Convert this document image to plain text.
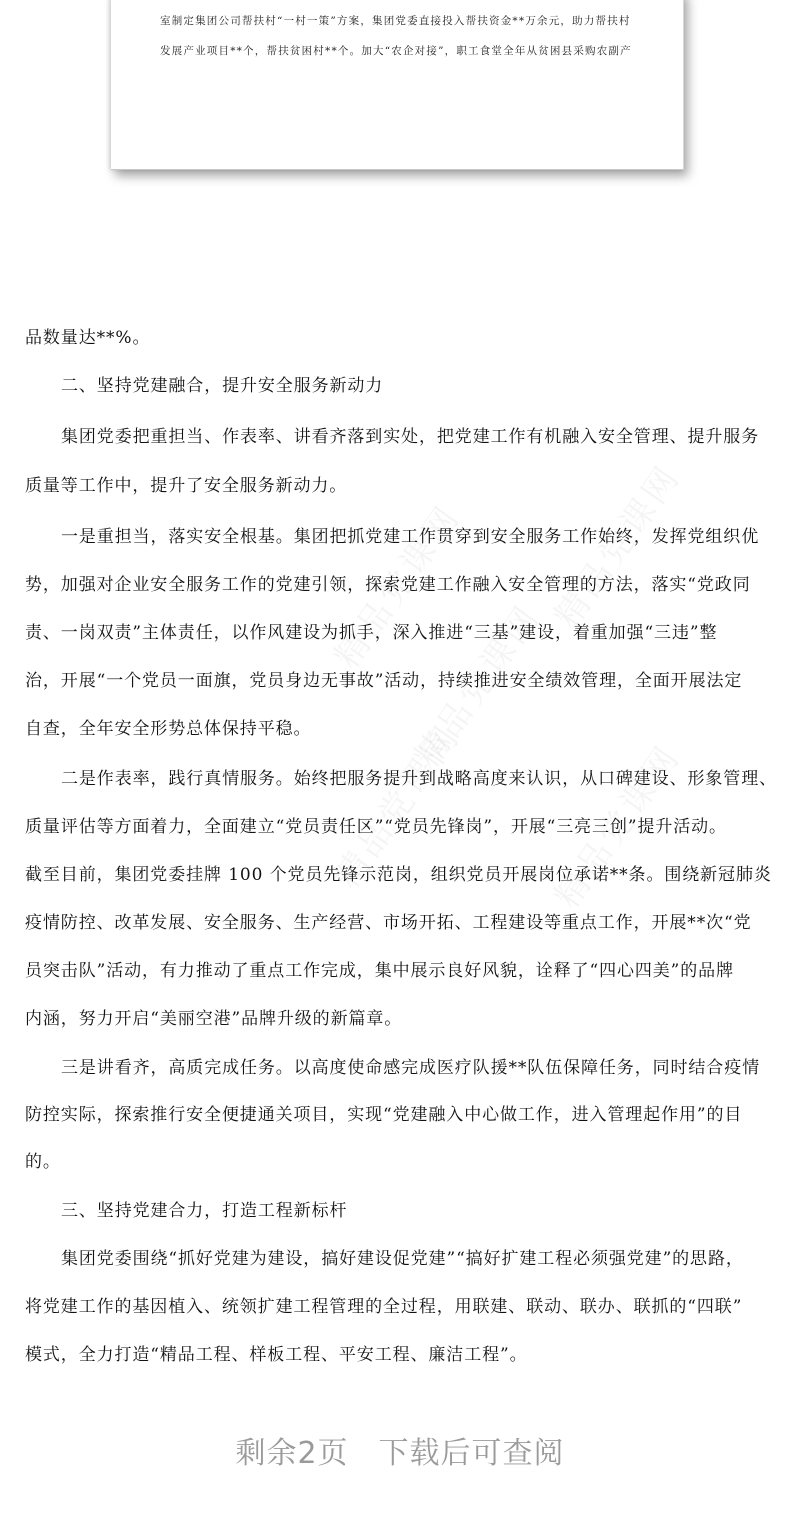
室制定集团公司帮扶村“一村一策”方案，集团党委直接投入帮扶资金**万余元，助力帮扶村
发展产业项目**个，帮扶贫困村**个。加大“农企对接”，职工食堂全年从贫困县采购农副产
品数量达**%。
二、坚持党建融合，提升安全服务新动力
集团党委把重担当、作表率、讲看齐落到实处，把党建工作有机融入安全管理、提升服务
质量等工作中，提升了安全服务新动力。
一是重担当，落实安全根基。集团把抓党建工作贯穿到安全服务工作始终，发挥党组织优
势，加强对企业安全服务工作的党建引领，探索党建工作融入安全管理的方法，落实“党政同
责、一岗双责”主体责任，以作风建设为抓手，深入推进“三基”建设，着重加强“三违”整
治，开展“一个党员一面旗，党员身边无事故”活动，持续推进安全绩效管理，全面开展法定
自查，全年安全形势总体保持平稳。
二是作表率，践行真情服务。始终把服务提升到战略高度来认识，从口碑建设、形象管理、
质量评估等方面着力，全面建立“党员责任区”“党员先锋岗”，开展“三亮三创”提升活动。
截至目前，集团党委挂牌 100 个党员先锋示范岗，组织党员开展岗位承诺**条。围绕新冠肺炎
疫情防控、改革发展、安全服务、生产经营、市场开拓、工程建设等重点工作，开展**次“党
员突击队”活动，有力推动了重点工作完成，集中展示良好风貌，诠释了“四心四美”的品牌
内涵，努力开启“美丽空港”品牌升级的新篇章。
三是讲看齐，高质完成任务。以高度使命感完成医疗队援**队伍保障任务，同时结合疫情
防控实际，探索推行安全便捷通关项目，实现“党建融入中心做工作，进入管理起作用”的目
的。
三、坚持党建合力，打造工程新标杆
集团党委围绕“抓好党建为建设，搞好建设促党建”“搞好扩建工程必须强党建”的思路，
将党建工作的基因植入、统领扩建工程管理的全过程，用联建、联动、联办、联抓的“四联”
模式，全力打造“精品工程、样板工程、平安工程、廉洁工程”。
剩余2页 下载后可查阅
